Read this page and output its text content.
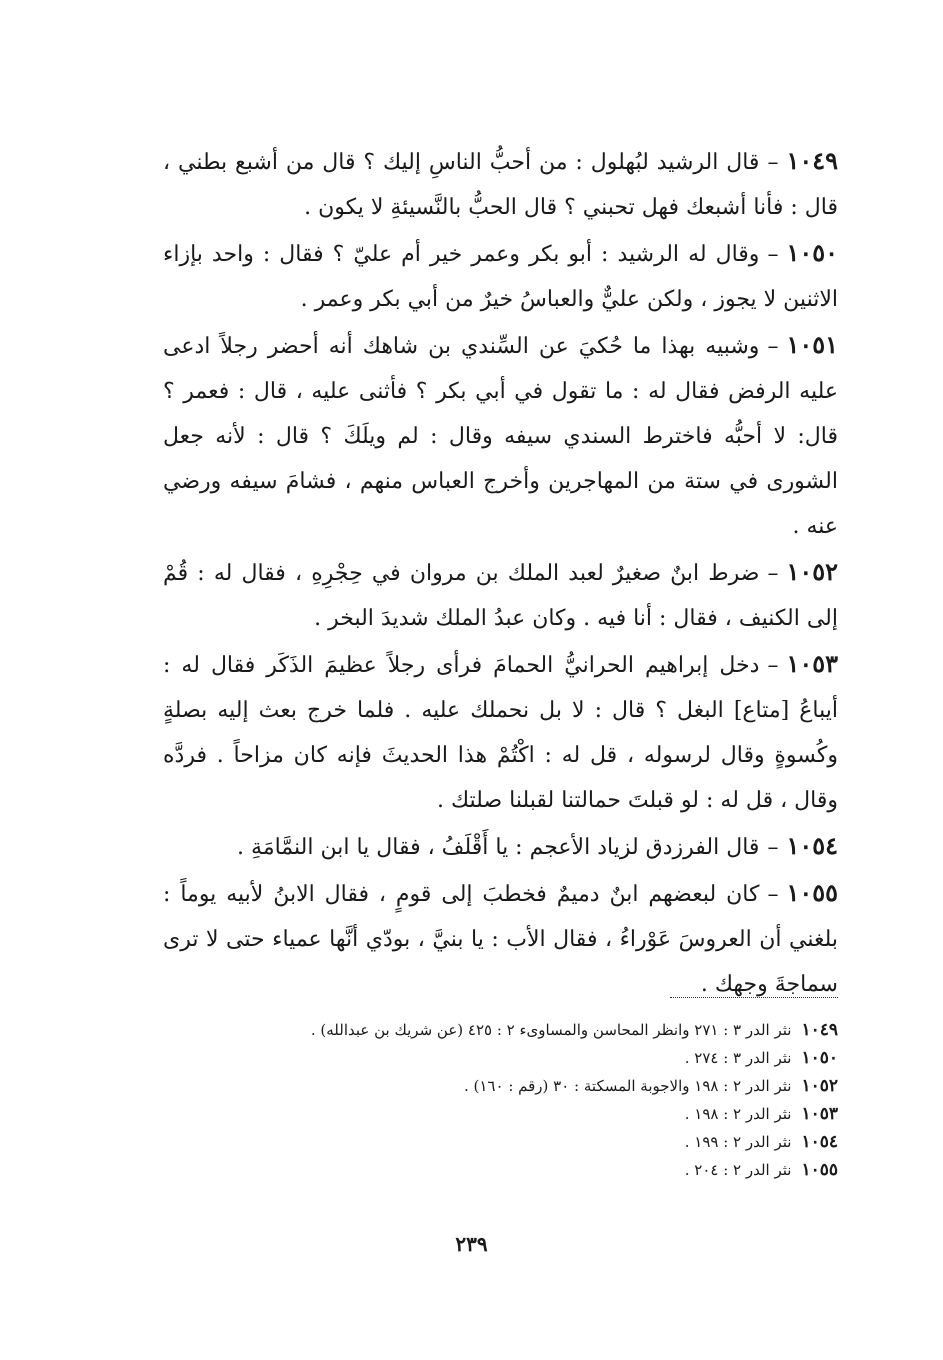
١٠٤٩–قال الرشيد لبُهلول : من أحبُّ الناسِ إليك ؟ قال من أشبع بطني ، قال : فأنا أشبعك فهل تحبني ؟ قال الحبُّ بالنَّسيئةِ لا يكون .

١٠٥٠–وقال له الرشيد : أبو بكر وعمر خير أم عليّ ؟ فقال : واحد بإزاء الاثنين لا يجوز ، ولكن عليٌّ والعباسُ خيرٌ من أبي بكر وعمر .

١٠٥١–وشبيه بهذا ما حُكيَ عن السِّندي بن شاهك أنه أحضر رجلاً ادعى عليه الرفض فقال له : ما تقول في أبي بكر ؟ فأثنى عليه ، قال : فعمر ؟ قال: لا أحبُّه فاخترط السندي سيفه وقال : لم ويلَكَ ؟ قال : لأنه جعل الشورى في ستة من المهاجرين وأخرج العباس منهم ، فشامَ سيفه ورضي عنه .

١٠٥٢–ضرط ابنٌ صغيرٌ لعبد الملك بن مروان في حِجْرِهِ ، فقال له : قُمْ إلى الكنيف ، فقال : أنا فيه . وكان عبدُ الملك شديدَ البخر .

١٠٥٣–دخل إبراهيم الحرانيُّ الحمامَ فرأى رجلاً عظيمَ الذَكَر فقال له : أيباعُ [متاع] البغل ؟ قال : لا بل نحملك عليه . فلما خرج بعث إليه بصلةٍ وكُسوةٍ وقال لرسوله ، قل له : اكْتُمْ هذا الحديثَ فإنه كان مزاحاً . فردَّه وقال ، قل له : لو قبلتَ حمالتنا لقبلنا صلتك .

١٠٥٤–قال الفرزدق لزياد الأعجم : يا أَقْلَفُ ، فقال يا ابن النمَّامَةِ .

١٠٥٥–كان لبعضهم ابنٌ دميمٌ فخطبَ إلى قومٍ ، فقال الابنُ لأبيه يوماً : بلغني أن العروسَ عَوْراءُ ، فقال الأب : يا بنيَّ ، بودّي أنَّها عمياء حتى لا ترى سماجةَ وجهك .

١٠٤٩نثر الدر ٣ : ٢٧١ وانظر المحاسن والمساوىء ٢ : ٤٢٥ (عن شريك بن عبدالله) .
١٠٥٠نثر الدر ٣ : ٢٧٤ .
١٠٥٢نثر الدر ٢ : ١٩٨ والاجوبة المسكتة : ٣٠ (رقم : ١٦٠) .
١٠٥٣نثر الدر ٢ : ١٩٨ .
١٠٥٤نثر الدر ٢ : ١٩٩ .
١٠٥٥نثر الدر ٢ : ٢٠٤ .
٢٣٩
